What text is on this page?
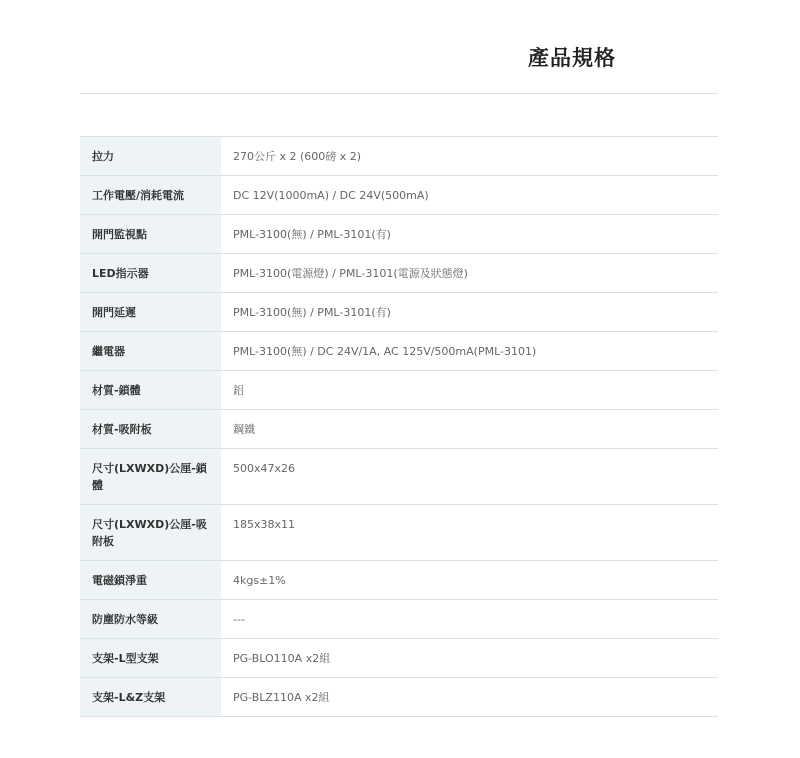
產品規格
拉力	270公斤 x 2 (600磅 x 2)
工作電壓/消耗電流	DC 12V(1000mA) / DC 24V(500mA)
開門監視點	PML-3100(無) / PML-3101(有)
LED指示器	PML-3100(電源燈) / PML-3101(電源及狀態燈)
開門延遲	PML-3100(無) / PML-3101(有)
繼電器	PML-3100(無) / DC 24V/1A, AC 125V/500mA(PML-3101)
材質-鎖體	鋁
材質-吸附板	鋼鐵
尺寸(LXWXD)公厘-鎖體	500x47x26
尺寸(LXWXD)公厘-吸附板	185x38x11
電磁鎖淨重	4kgs±1%
防塵防水等級	---
支架-L型支架	PG-BLO110A x2組
支架-L&Z支架	PG-BLZ110A x2組
